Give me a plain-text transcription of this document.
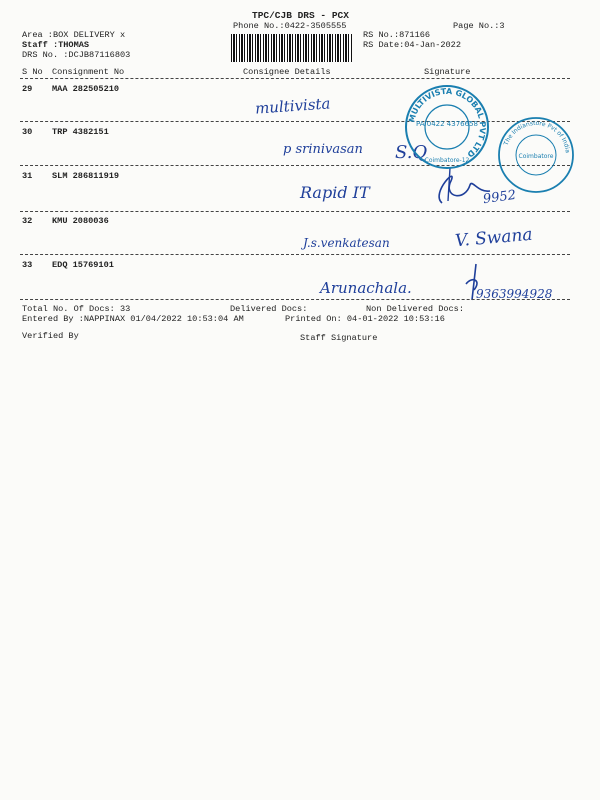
TPC/CJB DRS - PCX
Phone No.:0422-3505555	Page No.:3
Area :BOX DELIVERY x
Staff :THOMAS
DRS No. :DCJB87116803
RS No.:871166
RS Date:04-Jan-2022
S No Consignment No	Consignee Details	Signature
29 MAA 282505210
multivista
30 TRP 4382151
p srinivasan S.Q
31 SLM 286811919
Rapid IT	9952
32 KMU 2080036
J.s.venkatesan	V. Swana
33 EDQ 15769101
Arunachala.	9363994928
MULTIVISTA GLOBAL PVT LTD
PA 0422 4376658
Coimbatore-12
The Indianstore Pvt of India
Coimbatore
Total No. Of Docs: 33	Delivered Docs:	Non Delivered Docs:
Entered By :NAPPINAX 01/04/2022 10:53:04 AM	Printed On: 04-01-2022 10:53:16
Verified By	Staff Signature
